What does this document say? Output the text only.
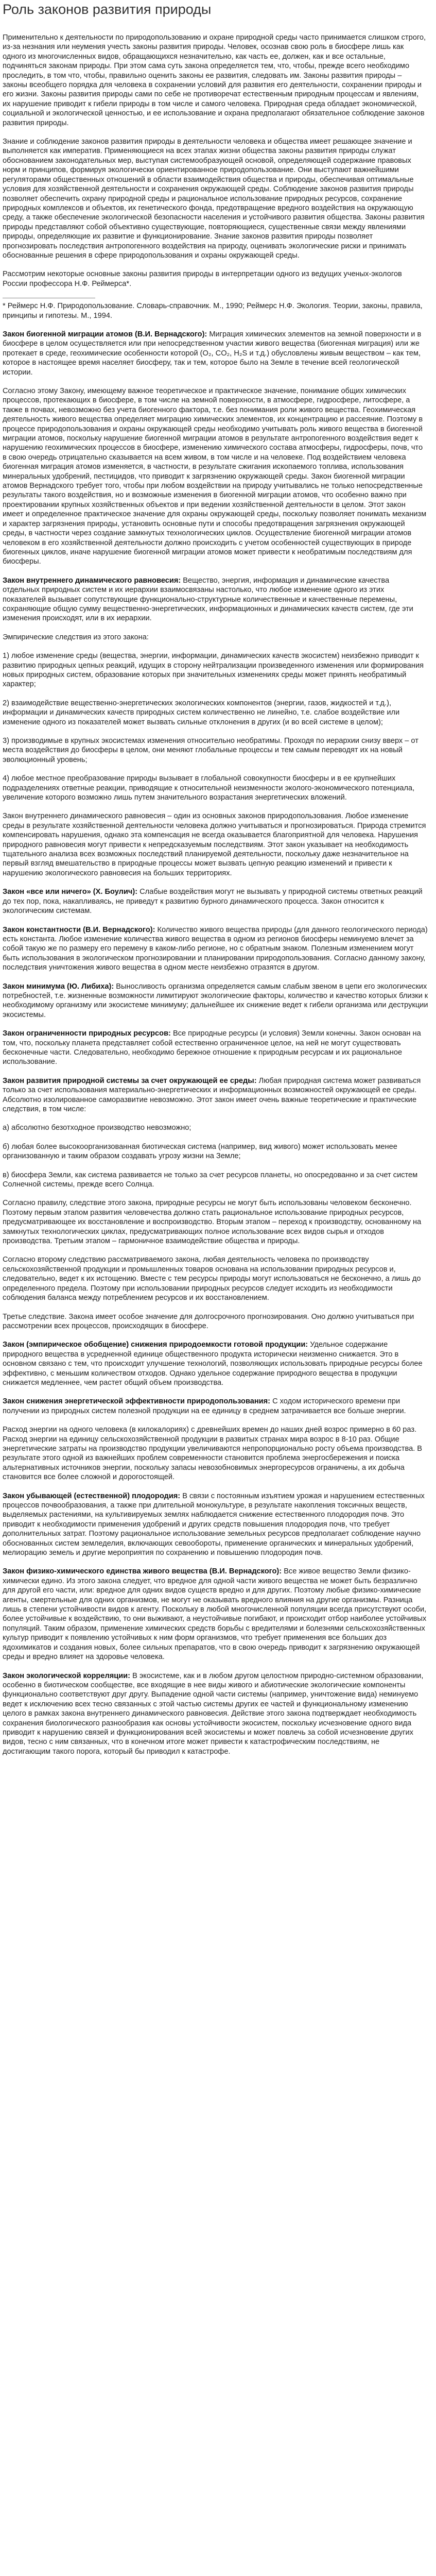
Роль законов развития природы

Применительно к деятельности по природопользованию и охране природной среды часто принимается слишком строго, из-за незнания или неумения учесть законы развития природы. Человек, осознав свою роль в биосфере лишь как одного из многочисленных видов, обращающихся незначительно, как часть ее, должен, как и все остальные, подчиняться законам природы. При этом сама суть закона определяется тем, что, чтобы, прежде всего необходимо проследить, в том что, чтобы, правильно оценить законы ее развития, следовать им. Законы развития природы – законы всеобщего порядка для человека в сохранении условий для развития его деятельности, сохранении природы и его жизни. Законы развития природы сами по себе не противоречат естественным природным процессам и явлениям, их нарушение приводит к гибели природы в том числе и самого человека. Природная среда обладает экономической, социальной и экологической ценностью, и ее использование и охрана предполагают обязательное соблюдение законов развития природы.

Знание и соблюдение законов развития природы в деятельности человека и общества имеет решающее значение и выполняется как императив. Применяющиеся на всех этапах жизни общества законы развития природы служат обоснованием законодательных мер, выступая системообразующей основой, определяющей содержание правовых норм и принципов, формируя экологически ориентированное природопользование. Они выступают важнейшими регуляторами общественных отношений в области взаимодействия общества и природы, обеспечивая оптимальные условия для хозяйственной деятельности и сохранения окружающей среды. Соблюдение законов развития природы позволяет обеспечить охрану природной среды и рациональное использование природных ресурсов, сохранение природных комплексов и объектов, их генетического фонда, предотвращение вредного воздействия на окружающую среду, а также обеспечение экологической безопасности населения и устойчивого развития общества. Законы развития природы представляют собой объективно существующие, повторяющиеся, существенные связи между явлениями природы, определяющие их развитие и функционирование. Знание законов развития природы позволяет прогнозировать последствия антропогенного воздействия на природу, оценивать экологические риски и принимать обоснованные решения в сфере природопользования и охраны окружающей среды.

Рассмотрим некоторые основные законы развития природы в интерпретации одного из ведущих ученых-экологов России профессора Н.Ф. Реймерса*.

* Реймерс Н.Ф. Природопользование. Словарь-справочник. М., 1990; Реймерс Н.Ф. Экология. Теории, законы, правила, принципы и гипотезы. М., 1994.

Закон биогенной миграции атомов (В.И. Вернадского): Миграция химических элементов на земной поверхности и в биосфере в целом осуществляется или при непосредственном участии живого вещества (биогенная миграция) или же протекает в среде, геохимические особенности которой (O₂, CO₂, H₂S и т.д.) обусловлены живым веществом – как тем, которое в настоящее время населяет биосферу, так и тем, которое было на Земле в течение всей геологической истории.

Согласно этому Закону, имеющему важное теоретическое и практическое значение, понимание общих химических процессов, протекающих в биосфере, в том числе на земной поверхности, в атмосфере, гидросфере, литосфере, а также в почвах, невозможно без учета биогенного фактора, т.е. без понимания роли живого вещества. Геохимическая деятельность живого вещества определяет миграцию химических элементов, их концентрацию и рассеяние. Поэтому в процессе природопользования и охраны окружающей среды необходимо учитывать роль живого вещества в биогенной миграции атомов, поскольку нарушение биогенной миграции атомов в результате антропогенного воздействия ведет к нарушению геохимических процессов в биосфере, изменению химического состава атмосферы, гидросферы, почв, что в свою очередь отрицательно сказывается на всем живом, в том числе и на человеке. Под воздействием человека биогенная миграция атомов изменяется, в частности, в результате сжигания ископаемого топлива, использования минеральных удобрений, пестицидов, что приводит к загрязнению окружающей среды. Закон биогенной миграции атомов Вернадского требует того, чтобы при любом воздействии на природу учитывались не только непосредственные результаты такого воздействия, но и возможные изменения в биогенной миграции атомов, что особенно важно при проектировании крупных хозяйственных объектов и при ведении хозяйственной деятельности в целом. Этот закон имеет и определенное практическое значение для охраны окружающей среды, поскольку позволяет понимать механизм и характер загрязнения природы, установить основные пути и способы предотвращения загрязнения окружающей среды, в частности через создание замкнутых технологических циклов. Осуществление биогенной миграции атомов человеком в его хозяйственной деятельности должно происходить с учетом особенностей существующих в природе биогенных циклов, иначе нарушение биогенной миграции атомов может привести к необратимым последствиям для биосферы.

Закон внутреннего динамического равновесия: Вещество, энергия, информация и динамические качества отдельных природных систем и их иерархии взаимосвязаны настолько, что любое изменение одного из этих показателей вызывает сопутствующие функционально-структурные количественные и качественные перемены, сохраняющие общую сумму вещественно-энергетических, информационных и динамических качеств систем, где эти изменения происходят, или в их иерархии.

Эмпирические следствия из этого закона:

1) любое изменение среды (вещества, энергии, информации, динамических качеств экосистем) неизбежно приводит к развитию природных цепных реакций, идущих в сторону нейтрализации произведенного изменения или формирования новых природных систем, образование которых при значительных изменениях среды может принять необратимый характер;

2) взаимодействие вещественно-энергетических экологических компонентов (энергии, газов, жидкостей и т.д.), информации и динамических качеств природных систем количественно не линейно, т.е. слабое воздействие или изменение одного из показателей может вызвать сильные отклонения в других (и во всей системе в целом);

3) производимые в крупных экосистемах изменения относительно необратимы. Проходя по иерархии снизу вверх – от места воздействия до биосферы в целом, они меняют глобальные процессы и тем самым переводят их на новый эволюционный уровень;

4) любое местное преобразование природы вызывает в глобальной совокупности биосферы и в ее крупнейших подразделениях ответные реакции, приводящие к относительной неизменности эколого-экономического потенциала, увеличение которого возможно лишь путем значительного возрастания энергетических вложений.

Закон внутреннего динамического равновесия – один из основных законов природопользования. Любое изменение среды в результате хозяйственной деятельности человека должно учитываться и прогнозироваться. Природа стремится компенсировать нарушения, однако эта компенсация не всегда оказывается благоприятной для человека. Нарушения природного равновесия могут привести к непредсказуемым последствиям. Этот закон указывает на необходимость тщательного анализа всех возможных последствий планируемой деятельности, поскольку даже незначительное на первый взгляд вмешательство в природные процессы может вызвать цепную реакцию изменений и привести к нарушению экологического равновесия на больших территориях.

Закон «все или ничего» (Х. Боулич): Слабые воздействия могут не вызывать у природной системы ответных реакций до тех пор, пока, накапливаясь, не приведут к развитию бурного динамического процесса. Закон относится к экологическим системам.

Закон константности (В.И. Вернадского): Количество живого вещества природы (для данного геологического периода) есть константа. Любое изменение количества живого вещества в одном из регионов биосферы неминуемо влечет за собой такую же по размеру его перемену в каком-либо регионе, но с обратным знаком. Полезным изменением могут быть использования в экологическом прогнозировании и планировании природопользования. Согласно данному закону, последствия уничтожения живого вещества в одном месте неизбежно отразятся в другом.

Закон минимума (Ю. Либиха): Выносливость организма определяется самым слабым звеном в цепи его экологических потребностей, т.е. жизненные возможности лимитируют экологические факторы, количество и качество которых близки к необходимому организму или экосистеме минимуму; дальнейшее их снижение ведет к гибели организма или деструкции экосистемы.

Закон ограниченности природных ресурсов: Все природные ресурсы (и условия) Земли конечны. Закон основан на том, что, поскольку планета представляет собой естественно ограниченное целое, на ней не могут существовать бесконечные части. Следовательно, необходимо бережное отношение к природным ресурсам и их рациональное использование.

Закон развития природной системы за счет окружающей ее среды: Любая природная система может развиваться только за счет использования материально-энергетических и информационных возможностей окружающей ее среды. Абсолютно изолированное саморазвитие невозможно. Этот закон имеет очень важные теоретические и практические следствия, в том числе:

а) абсолютно безотходное производство невозможно;

б) любая более высокоорганизованная биотическая система (например, вид живого) может использовать менее организованную и таким образом создавать угрозу жизни на Земле;

в) биосфера Земли, как система развивается не только за счет ресурсов планеты, но опосредованно и за счет систем Солнечной системы, прежде всего Солнца.

Согласно правилу, следствие этого закона, природные ресурсы не могут быть использованы человеком бесконечно. Поэтому первым этапом развития человечества должно стать рациональное использование природных ресурсов, предусматривающее их восстановление и воспроизводство. Вторым этапом – переход к производству, основанному на замкнутых технологических циклах, предусматривающих полное использование всех видов сырья и отходов производства. Третьим этапом – гармоничное взаимодействие общества и природы.

Согласно второму следствию рассматриваемого закона, любая деятельность человека по производству сельскохозяйственной продукции и промышленных товаров основана на использовании природных ресурсов и, следовательно, ведет к их истощению. Вместе с тем ресурсы природы могут использоваться не бесконечно, а лишь до определенного предела. Поэтому при использовании природных ресурсов следует исходить из необходимости соблюдения баланса между потреблением ресурсов и их восстановлением.

Третье следствие. Закона имеет особое значение для долгосрочного прогнозирования. Оно должно учитываться при рассмотрении всех процессов, происходящих в биосфере.

Закон (эмпирическое обобщение) снижения природоемкости готовой продукции: Удельное содержание природного вещества в усредненной единице общественного продукта исторически неизменно снижается. Это в основном связано с тем, что происходит улучшение технологий, позволяющих использовать природные ресурсы более эффективно, с меньшим количеством отходов. Однако удельное содержание природного вещества в продукции снижается медленнее, чем растет общий объем производства.

Закон снижения энергетической эффективности природопользования: С ходом исторического времени при получении из природных систем полезной продукции на ее единицу в среднем затрачивается все больше энергии.

Расход энергии на одного человека (в килокалориях) с древнейших времен до наших дней возрос примерно в 60 раз. Расход энергии на единицу сельскохозяйственной продукции в развитых странах мира возрос в 8-10 раз. Общие энергетические затраты на производство продукции увеличиваются непропорционально росту объема производства. В результате этого одной из важнейших проблем современности становится проблема энергосбережения и поиска альтернативных источников энергии, поскольку запасы невозобновимых энергоресурсов ограничены, а их добыча становится все более сложной и дорогостоящей.

Закон убывающей (естественной) плодородия: В связи с постоянным изъятием урожая и нарушением естественных процессов почвообразования, а также при длительной монокультуре, в результате накопления токсичных веществ, выделяемых растениями, на культивируемых землях наблюдается снижение естественного плодородия почв. Это приводит к необходимости применения удобрений и других средств повышения плодородия почв, что требует дополнительных затрат. Поэтому рациональное использование земельных ресурсов предполагает соблюдение научно обоснованных систем земледелия, включающих севообороты, применение органических и минеральных удобрений, мелиорацию земель и другие мероприятия по сохранению и повышению плодородия почв.

Закон физико-химического единства живого вещества (В.И. Вернадского): Все живое вещество Земли физико-химически едино. Из этого закона следует, что вредное для одной части живого вещества не может быть безразлично для другой его части, или: вредное для одних видов существ вредно и для других. Поэтому любые физико-химические агенты, смертельные для одних организмов, не могут не оказывать вредного влияния на другие организмы. Разница лишь в степени устойчивости видов к агенту. Поскольку в любой многочисленной популяции всегда присутствуют особи, более устойчивые к воздействию, то они выживают, а неустойчивые погибают, и происходит отбор наиболее устойчивых популяций. Таким образом, применение химических средств борьбы с вредителями и болезнями сельскохозяйственных культур приводит к появлению устойчивых к ним форм организмов, что требует применения все больших доз ядохимикатов и создания новых, более сильных препаратов, что в свою очередь приводит к загрязнению окружающей среды и вредно влияет на здоровье человека.

Закон экологической корреляции: В экосистеме, как и в любом другом целостном природно-системном образовании, особенно в биотическом сообществе, все входящие в нее виды живого и абиотические экологические компоненты функционально соответствуют друг другу. Выпадение одной части системы (например, уничтожение вида) неминуемо ведет к исключению всех тесно связанных с этой частью системы других ее частей и функциональному изменению целого в рамках закона внутреннего динамического равновесия. Действие этого закона подтверждает необходимость сохранения биологического разнообразия как основы устойчивости экосистем, поскольку исчезновение одного вида приводит к нарушению связей и функционирования всей экосистемы и может повлечь за собой исчезновение других видов, тесно с ним связанных, что в конечном итоге может привести к катастрофическим последствиям, не достигающим такого порога, который бы приводил к катастрофе.
